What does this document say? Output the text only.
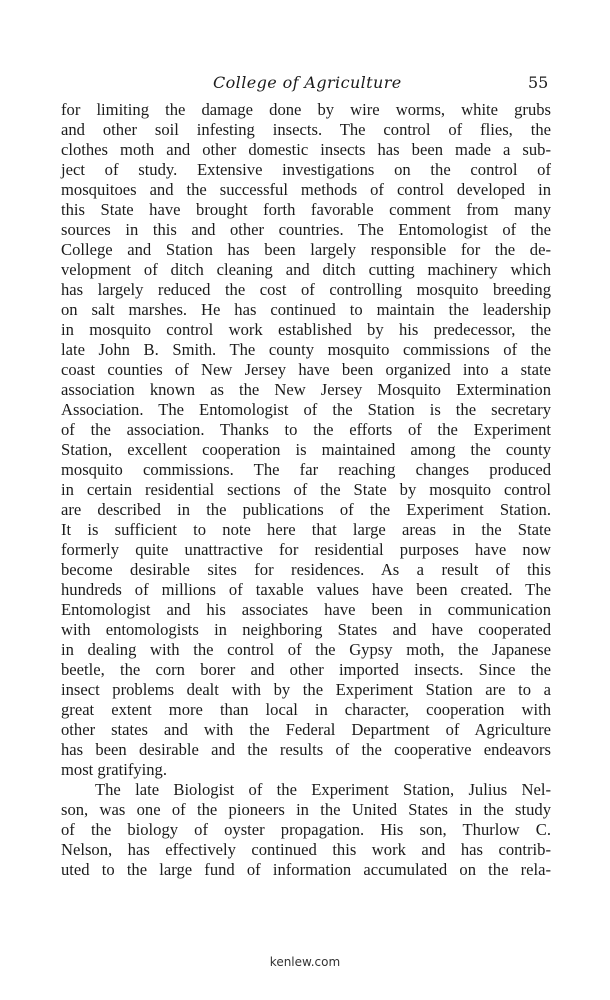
College of Agriculture	55
for limiting the damage done by wire worms, white grubs
and other soil infesting insects. The control of flies, the
clothes moth and other domestic insects has been made a sub-
ject of study. Extensive investigations on the control of
mosquitoes and the successful methods of control developed in
this State have brought forth favorable comment from many
sources in this and other countries. The Entomologist of the
College and Station has been largely responsible for the de-
velopment of ditch cleaning and ditch cutting machinery which
has largely reduced the cost of controlling mosquito breeding
on salt marshes. He has continued to maintain the leadership
in mosquito control work established by his predecessor, the
late John B. Smith. The county mosquito commissions of the
coast counties of New Jersey have been organized into a state
association known as the New Jersey Mosquito Extermination
Association. The Entomologist of the Station is the secretary
of the association. Thanks to the efforts of the Experiment
Station, excellent cooperation is maintained among the county
mosquito commissions. The far reaching changes produced
in certain residential sections of the State by mosquito control
are described in the publications of the Experiment Station.
It is sufficient to note here that large areas in the State
formerly quite unattractive for residential purposes have now
become desirable sites for residences. As a result of this
hundreds of millions of taxable values have been created. The
Entomologist and his associates have been in communication
with entomologists in neighboring States and have cooperated
in dealing with the control of the Gypsy moth, the Japanese
beetle, the corn borer and other imported insects. Since the
insect problems dealt with by the Experiment Station are to a
great extent more than local in character, cooperation with
other states and with the Federal Department of Agriculture
has been desirable and the results of the cooperative endeavors
most gratifying.
The late Biologist of the Experiment Station, Julius Nel-
son, was one of the pioneers in the United States in the study
of the biology of oyster propagation. His son, Thurlow C.
Nelson, has effectively continued this work and has contrib-
uted to the large fund of information accumulated on the rela-
kenlew.com
